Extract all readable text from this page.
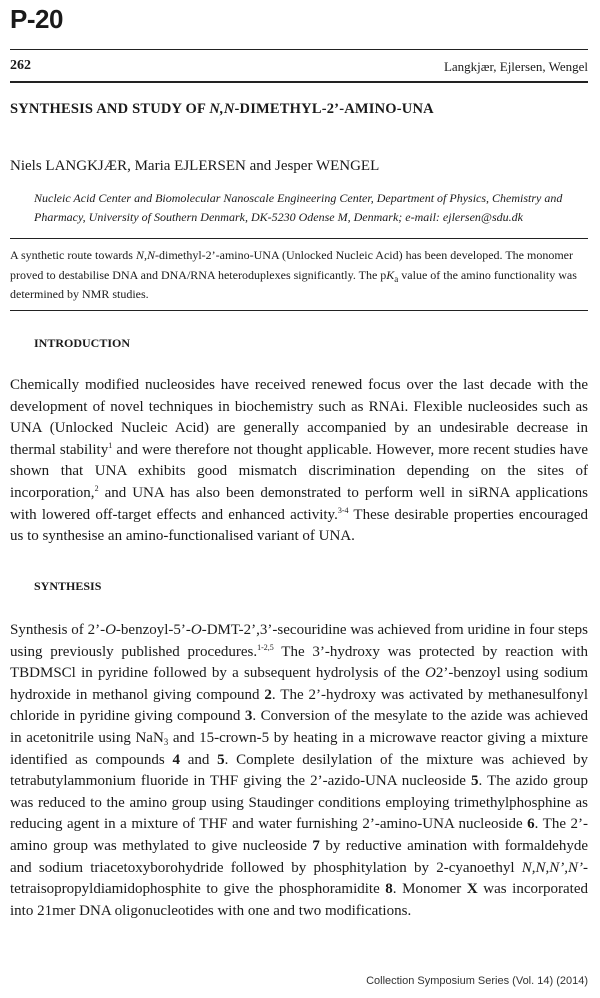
P-20
262	Langkjær, Ejlersen, Wengel
SYNTHESIS AND STUDY OF N,N-DIMETHYL-2’-AMINO-UNA
Niels LANGKJÆR, Maria EJLERSEN and Jesper WENGEL
Nucleic Acid Center and Biomolecular Nanoscale Engineering Center, Department of Physics, Chemistry and Pharmacy, University of Southern Denmark, DK-5230 Odense M, Denmark; e-mail: ejlersen@sdu.dk
A synthetic route towards N,N-dimethyl-2’-amino-UNA (Unlocked Nucleic Acid) has been developed. The monomer proved to destabilise DNA and DNA/RNA heteroduplexes significantly. The $pK_a$ value of the amino functionality was determined by NMR studies.
INTRODUCTION
Chemically modified nucleosides have received renewed focus over the last decade with the development of novel techniques in biochemistry such as RNAi. Flexible nucleosides such as UNA (Unlocked Nucleic Acid) are generally accompanied by an undesirable decrease in thermal stability$^1$ and were therefore not thought applicable. However, more recent studies have shown that UNA exhibits good mismatch discrimination depending on the sites of incorporation,$^2$ and UNA has also been demonstrated to perform well in siRNA applications with lowered off-target effects and enhanced activity.$^{3-4}$ These desirable properties encouraged us to synthesise an amino-functionalised variant of UNA.
SYNTHESIS
Synthesis of 2’-O-benzoyl-5’-O-DMT-2’,3’-secouridine was achieved from uridine in four steps using previously published procedures.$^{1-2,5}$ The 3’-hydroxy was protected by reaction with TBDMSCl in pyridine followed by a subsequent hydrolysis of the O2’-benzoyl using sodium hydroxide in methanol giving compound 2. The 2’-hydroxy was activated by methanesulfonyl chloride in pyridine giving compound 3. Conversion of the mesylate to the azide was achieved in acetonitrile using NaN$_3$ and 15-crown-5 by heating in a microwave reactor giving a mixture identified as compounds 4 and 5. Complete desilylation of the mixture was achieved by tetrabutylammonium fluoride in THF giving the 2’-azido-UNA nucleoside 5. The azido group was reduced to the amino group using Staudinger conditions employing trimethylphosphine as reducing agent in a mixture of THF and water furnishing 2’-amino-UNA nucleoside 6. The 2’-amino group was methylated to give nucleoside 7 by reductive amination with formaldehyde and sodium triacetoxyborohydride followed by phosphitylation by 2-cyanoethyl N,N,N’,N’-tetraisopropyldiamidophosphite to give the phosphoramidite 8. Monomer X was incorporated into 21mer DNA oligonucleotides with one and two modifications.
Collection Symposium Series (Vol. 14) (2014)
